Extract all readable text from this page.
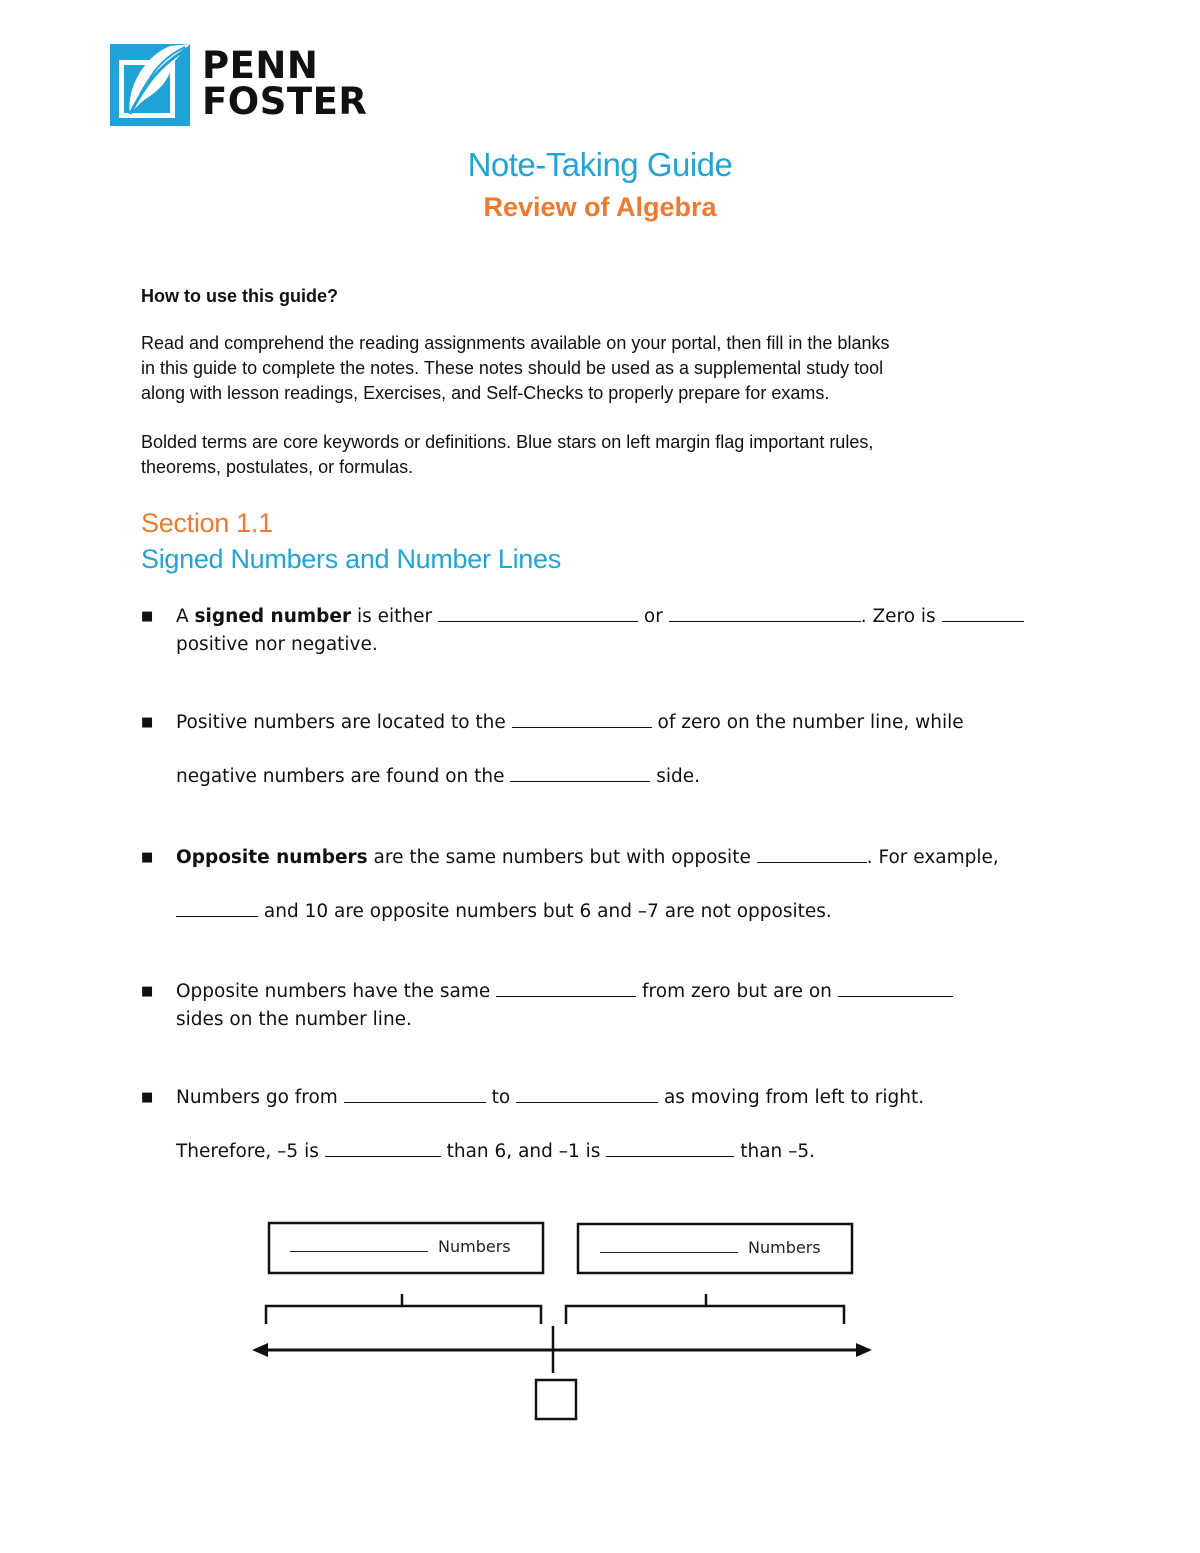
PENN
FOSTER
Note-Taking Guide
Review of Algebra
How to use this guide?
Read and comprehend the reading assignments available on your portal, then fill in the blanks
in this guide to complete the notes. These notes should be used as a supplemental study tool
along with lesson readings, Exercises, and Self-Checks to properly prepare for exams.
Bolded terms are core keywords or definitions. Blue stars on left margin flag important rules,
theorems, postulates, or formulas.
Section 1.1
Signed Numbers and Number Lines
■ A signed number is either	or	. Zero is
positive nor negative.
■ Positive numbers are located to the	of zero on the number line, while
negative numbers are found on the	side.
■ Opposite numbers are the same numbers but with opposite	. For example,
and 10 are opposite numbers but 6 and –7 are not opposites.
■ Opposite numbers have the same	from zero but are on
sides on the number line.
■ Numbers go from	to	as moving from left to right.
Therefore, –5 is	than 6, and –1 is	than –5.
Numbers	Numbers
